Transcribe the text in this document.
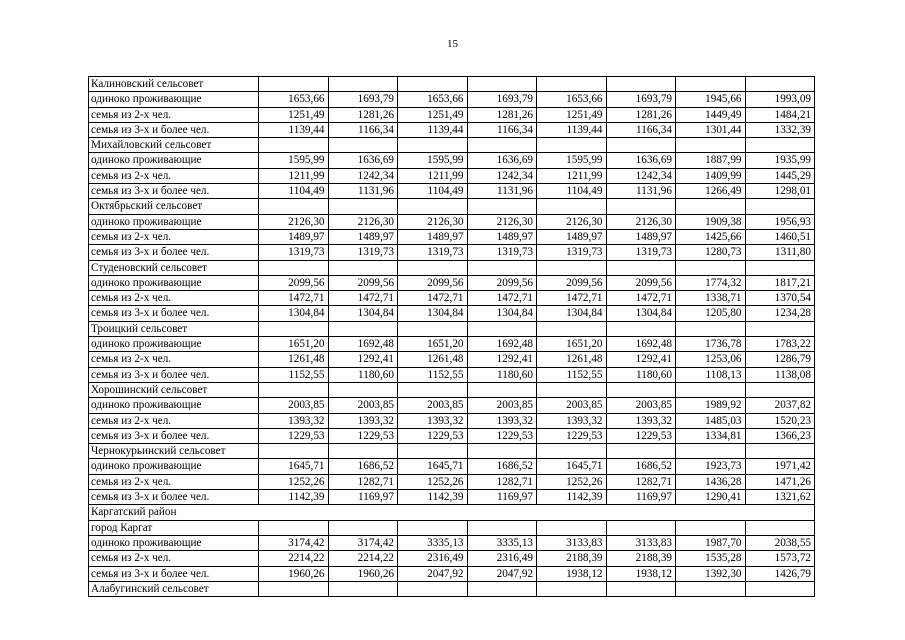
15
Калиновский сельсовет								
одиноко проживающие	1653,66	1693,79	1653,66	1693,79	1653,66	1693,79	1945,66	1993,09
семья из 2-х чел.	1251,49	1281,26	1251,49	1281,26	1251,49	1281,26	1449,49	1484,21
семья из 3-х и более чел.	1139,44	1166,34	1139,44	1166,34	1139,44	1166,34	1301,44	1332,39
Михайловский сельсовет								
одиноко проживающие	1595,99	1636,69	1595,99	1636,69	1595,99	1636,69	1887,99	1935,99
семья из 2-х чел.	1211,99	1242,34	1211,99	1242,34	1211,99	1242,34	1409,99	1445,29
семья из 3-х и более чел.	1104,49	1131,96	1104,49	1131,96	1104,49	1131,96	1266,49	1298,01
Октябрьский сельсовет								
одиноко проживающие	2126,30	2126,30	2126,30	2126,30	2126,30	2126,30	1909,38	1956,93
семья из 2-х чел.	1489,97	1489,97	1489,97	1489,97	1489,97	1489,97	1425,66	1460,51
семья из 3-х и более чел.	1319,73	1319,73	1319,73	1319,73	1319,73	1319,73	1280,73	1311,80
Студеновский сельсовет								
одиноко проживающие	2099,56	2099,56	2099,56	2099,56	2099,56	2099,56	1774,32	1817,21
семья из 2-х чел.	1472,71	1472,71	1472,71	1472,71	1472,71	1472,71	1338,71	1370,54
семья из 3-х и более чел.	1304,84	1304,84	1304,84	1304,84	1304,84	1304,84	1205,80	1234,28
Троицкий сельсовет								
одиноко проживающие	1651,20	1692,48	1651,20	1692,48	1651,20	1692,48	1736,78	1783,22
семья из 2-х чел.	1261,48	1292,41	1261,48	1292,41	1261,48	1292,41	1253,06	1286,79
семья из 3-х и более чел.	1152,55	1180,60	1152,55	1180,60	1152,55	1180,60	1108,13	1138,08
Хорошинский сельсовет								
одиноко проживающие	2003,85	2003,85	2003,85	2003,85	2003,85	2003,85	1989,92	2037,82
семья из 2-х чел.	1393,32	1393,32	1393,32	1393,32	1393,32	1393,32	1485,03	1520,23
семья из 3-х и более чел.	1229,53	1229,53	1229,53	1229,53	1229,53	1229,53	1334,81	1366,23
Чернокурьинский сельсовет								
одиноко проживающие	1645,71	1686,52	1645,71	1686,52	1645,71	1686,52	1923,73	1971,42
семья из 2-х чел.	1252,26	1282,71	1252,26	1282,71	1252,26	1282,71	1436,28	1471,26
семья из 3-х и более чел.	1142,39	1169,97	1142,39	1169,97	1142,39	1169,97	1290,41	1321,62
Каргатский район								
город Каргат								
одиноко проживающие	3174,42	3174,42	3335,13	3335,13	3133,83	3133,83	1987,70	2038,55
семья из 2-х чел.	2214,22	2214,22	2316,49	2316,49	2188,39	2188,39	1535,28	1573,72
семья из 3-х и более чел.	1960,26	1960,26	2047,92	2047,92	1938,12	1938,12	1392,30	1426,79
Алабугинский сельсовет								
